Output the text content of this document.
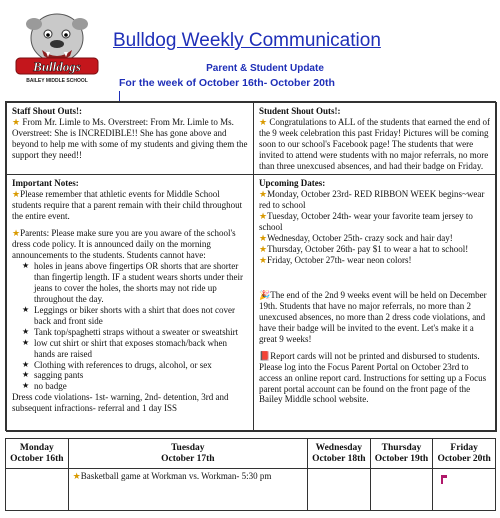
Bulldogs
BAILEY MIDDLE SCHOOL
Bulldog Weekly Communication
Parent & Student Update
For the week of October 16th- October 20th
Staff Shout Outs!:
★ From Mr. Limle to Ms. Overstreet: From Mr. Limle to Ms. Overstreet: She is INCREDIBLE!! She has gone above and beyond to help me with some of my students and giving them the support they need!!
Student Shout Outs!:
★ Congratulations to ALL of the students that earned the end of the 9 week celebration this past Friday! Pictures will be coming soon to our school's Facebook page! The students that were invited to attend were students with no major referrals, no more than three unexcused absences, and had their badge on Friday.
Important Notes:
★Please remember that athletic events for Middle School students require that a parent remain with their child throughout the entire event.
★Parents: Please make sure you are you aware of the school's dress code policy. It is announced daily on the morning announcements to the students. Students cannot have:
★ holes in jeans above fingertips OR shorts that are shorter than fingertip length. IF a student wears shorts under their jeans to cover the holes, the shorts may not ride up throughout the day.
★ Leggings or biker shorts with a shirt that does not cover back and front side
★ Tank top/spaghetti straps without a sweater or sweatshirt
★ low cut shirt or shirt that exposes stomach/back when hands are raised
★ Clothing with references to drugs, alcohol, or sex
★ sagging pants
★ no badge
Dress code violations- 1st- warning, 2nd- detention, 3rd and subsequent infractions- referral and 1 day ISS
Upcoming Dates:
★Monday, October 23rd- RED RIBBON WEEK begins~wear red to school
★Tuesday, October 24th- wear your favorite team jersey to school
★Wednesday, October 25th- crazy sock and hair day!
★Thursday, October 26th- pay $1 to wear a hat to school!
★Friday, October 27th- wear neon colors!
🎉The end of the 2nd 9 weeks event will be held on December 19th. Students that have no major referrals, no more than 2 unexcused absences, no more than 2 dress code violations, and have their badge will be invited to the event. Let's make it a great 9 weeks!
📕Report cards will not be printed and disbursed to students. Please log into the Focus Parent Portal on October 23rd to access an online report card. Instructions for setting up a Focus parent portal account can be found on the front page of the Bailey Middle school website.
Monday
October 16th	Tuesday
October 17th	Wednesday
October 18th	Thursday
October 19th	Friday
October 20th
	★Basketball game at Workman vs. Workman- 5:30 pm			
